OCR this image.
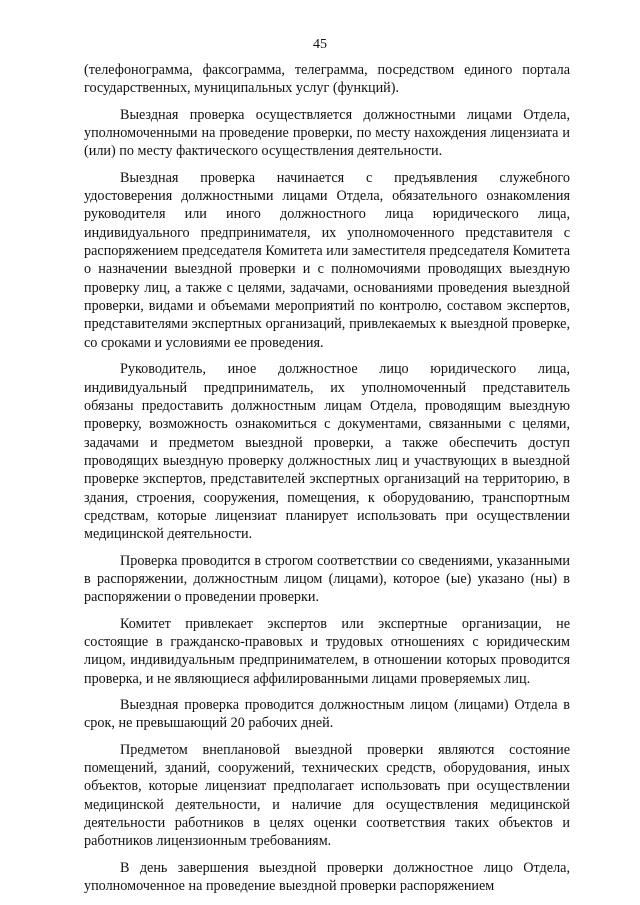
45

(телефонограмма, факсограмма, телеграмма, посредством единого портала государственных, муниципальных услуг (функций).

Выездная проверка осуществляется должностными лицами Отдела, уполномоченными на проведение проверки, по месту нахождения лицензиата и (или) по месту фактического осуществления деятельности.

Выездная проверка начинается с предъявления служебного удостоверения должностными лицами Отдела, обязательного ознакомления руководителя или иного должностного лица юридического лица, индивидуального предпринимателя, их уполномоченного представителя с распоряжением председателя Комитета или заместителя председателя Комитета о назначении выездной проверки и с полномочиями проводящих выездную проверку лиц, а также с целями, задачами, основаниями проведения выездной проверки, видами и объемами мероприятий по контролю, составом экспертов, представителями экспертных организаций, привлекаемых к выездной проверке, со сроками и условиями ее проведения.

Руководитель, иное должностное лицо юридического лица, индивидуальный предприниматель, их уполномоченный представитель обязаны предоставить должностным лицам Отдела, проводящим выездную проверку, возможность ознакомиться с документами, связанными с целями, задачами и предметом выездной проверки, а также обеспечить доступ проводящих выездную проверку должностных лиц и участвующих в выездной проверке экспертов, представителей экспертных организаций на территорию, в здания, строения, сооружения, помещения, к оборудованию, транспортным средствам, которые лицензиат планирует использовать при осуществлении медицинской деятельности.

Проверка проводится в строгом соответствии со сведениями, указанными в распоряжении, должностным лицом (лицами), которое (ые) указано (ны) в распоряжении о проведении проверки.

Комитет привлекает экспертов или экспертные организации, не состоящие в гражданско-правовых и трудовых отношениях с юридическим лицом, индивидуальным предпринимателем, в отношении которых проводится проверка, и не являющиеся аффилированными лицами проверяемых лиц.

Выездная проверка проводится должностным лицом (лицами) Отдела в срок, не превышающий 20 рабочих дней.

Предметом внеплановой выездной проверки являются состояние помещений, зданий, сооружений, технических средств, оборудования, иных объектов, которые лицензиат предполагает использовать при осуществлении медицинской деятельности, и наличие для осуществления медицинской деятельности работников в целях оценки соответствия таких объектов и работников лицензионным требованиям.

В день завершения выездной проверки должностное лицо Отдела, уполномоченное на проведение выездной проверки распоряжением
